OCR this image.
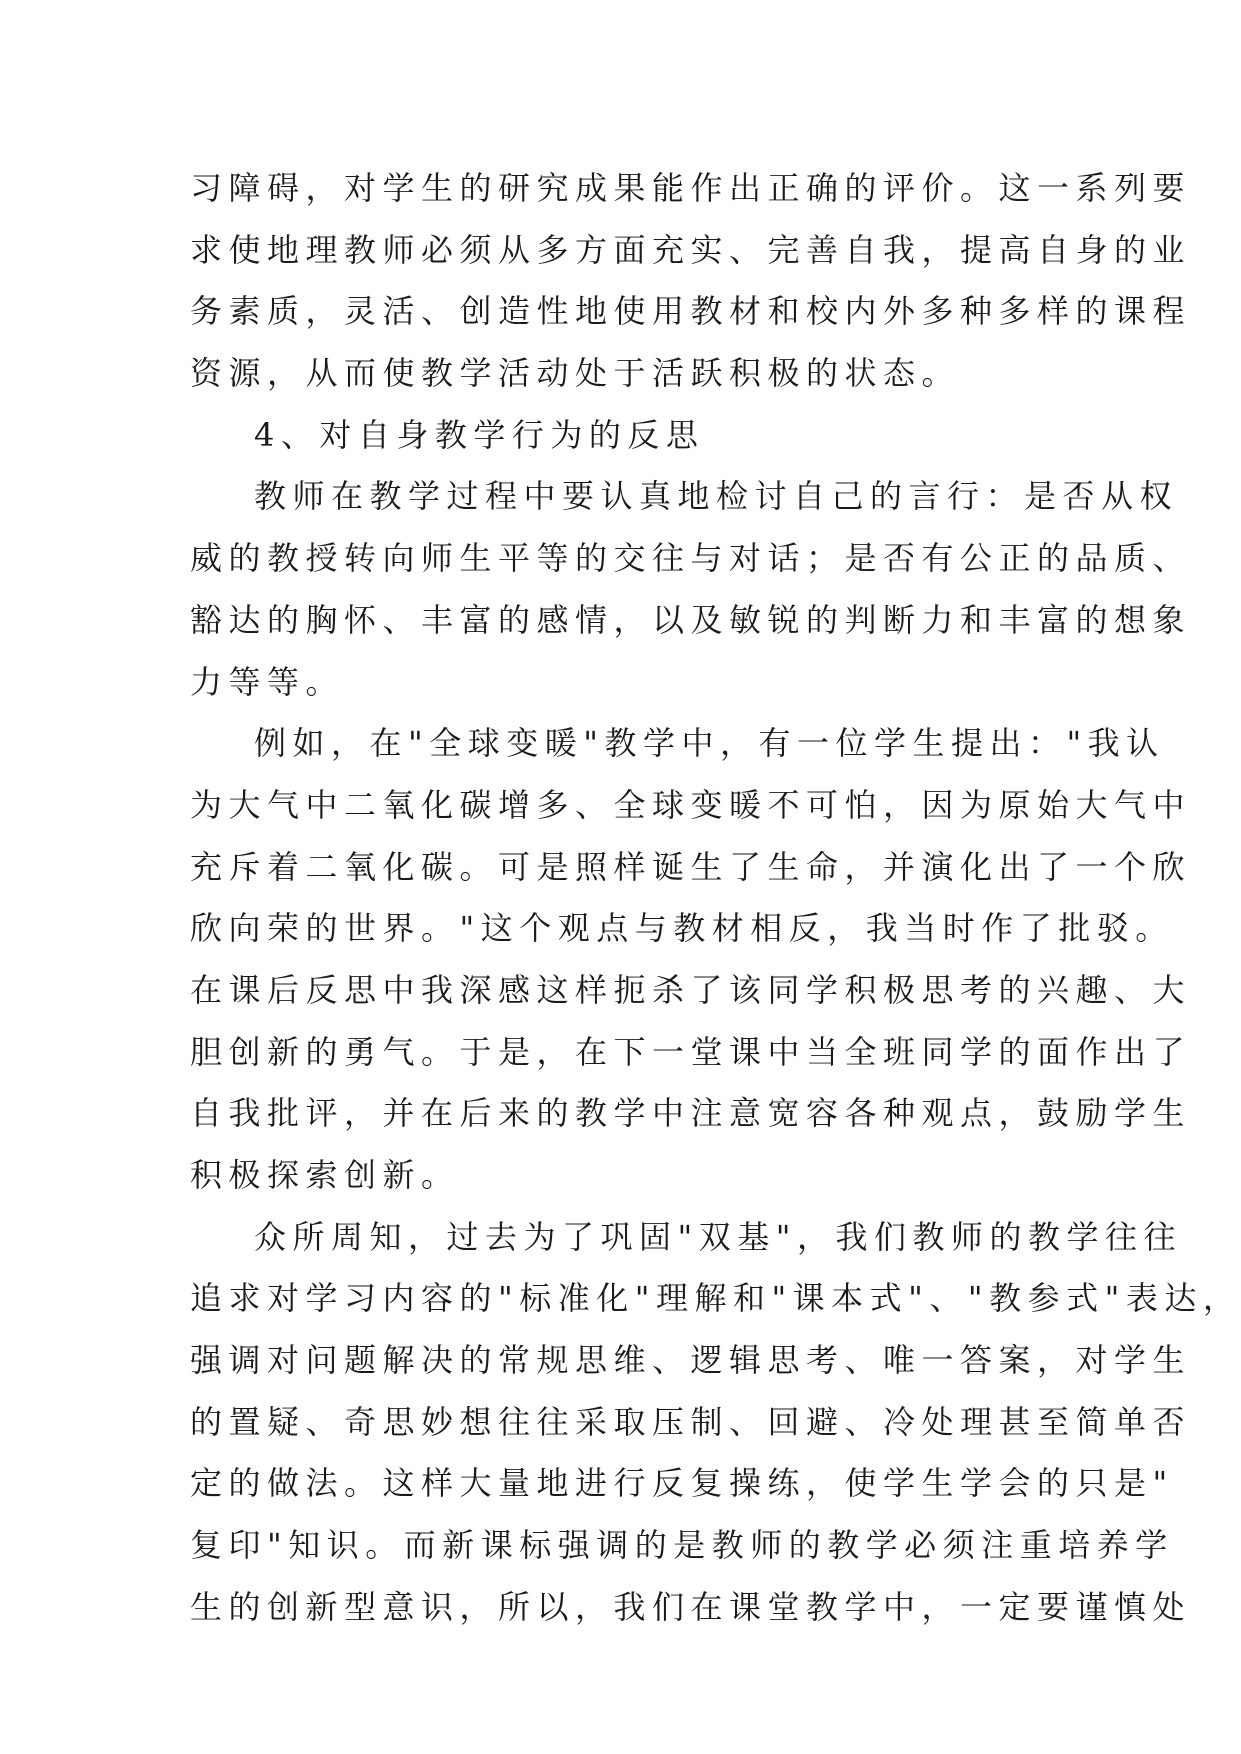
习障碍，对学生的研究成果能作出正确的评价。这一系列要
求使地理教师必须从多方面充实、完善自我，提高自身的业
务素质，灵活、创造性地使用教材和校内外多种多样的课程
资源，从而使教学活动处于活跃积极的状态。
4、对自身教学行为的反思
教师在教学过程中要认真地检讨自己的言行：是否从权
威的教授转向师生平等的交往与对话；是否有公正的品质、
豁达的胸怀、丰富的感情，以及敏锐的判断力和丰富的想象
力等等。
例如，在"全球变暖"教学中，有一位学生提出："我认
为大气中二氧化碳增多、全球变暖不可怕，因为原始大气中
充斥着二氧化碳。可是照样诞生了生命，并演化出了一个欣
欣向荣的世界。"这个观点与教材相反，我当时作了批驳。
在课后反思中我深感这样扼杀了该同学积极思考的兴趣、大
胆创新的勇气。于是，在下一堂课中当全班同学的面作出了
自我批评，并在后来的教学中注意宽容各种观点，鼓励学生
积极探索创新。
众所周知，过去为了巩固"双基"，我们教师的教学往往
追求对学习内容的"标准化"理解和"课本式"、"教参式"表达，
强调对问题解决的常规思维、逻辑思考、唯一答案，对学生
的置疑、奇思妙想往往采取压制、回避、冷处理甚至简单否
定的做法。这样大量地进行反复操练，使学生学会的只是"
复印"知识。而新课标强调的是教师的教学必须注重培养学
生的创新型意识，所以，我们在课堂教学中，一定要谨慎处
